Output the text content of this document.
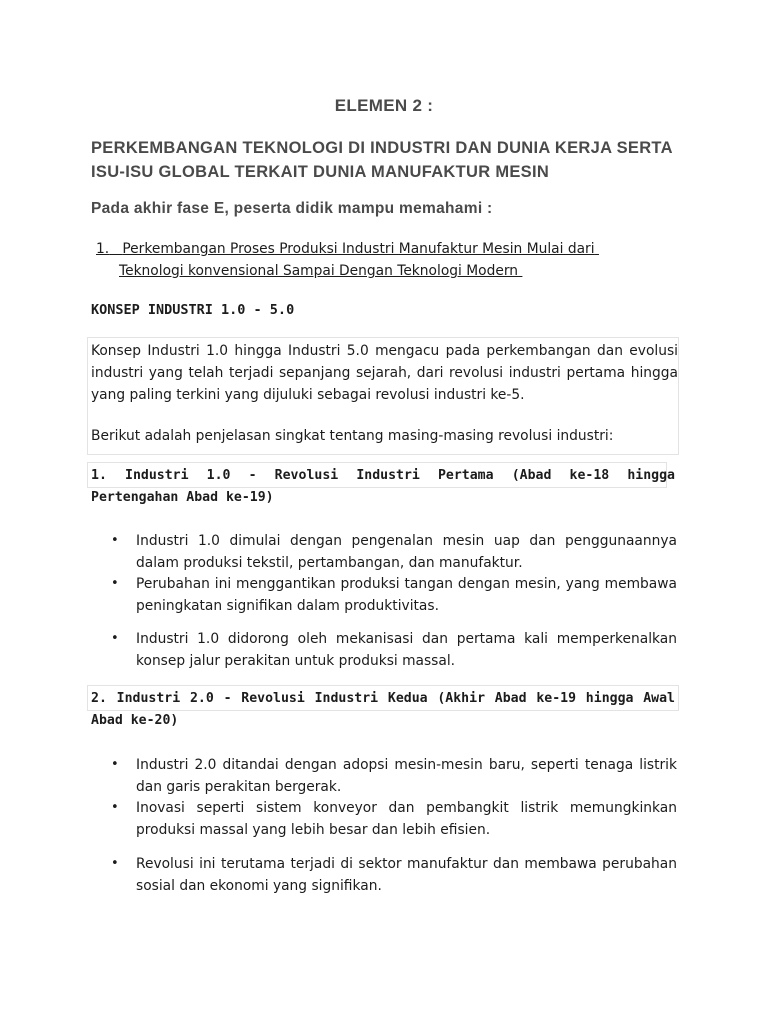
ELEMEN 2 :
PERKEMBANGAN TEKNOLOGI DI INDUSTRI DAN DUNIA KERJA SERTA ISU-ISU GLOBAL TERKAIT DUNIA MANUFAKTUR MESIN
Pada akhir fase E, peserta didik mampu memahami :
1. Perkembangan Proses Produksi Industri Manufaktur Mesin Mulai dari
Teknologi konvensional Sampai Dengan Teknologi Modern
KONSEP INDUSTRI 1.0 - 5.0
Konsep Industri 1.0 hingga Industri 5.0 mengacu pada perkembangan dan evolusi industri yang telah terjadi sepanjang sejarah, dari revolusi industri pertama hingga yang paling terkini yang dijuluki sebagai revolusi industri ke-5.
Berikut adalah penjelasan singkat tentang masing-masing revolusi industri:
1. Industri 1.0 - Revolusi Industri Pertama (Abad ke-18 hingga Pertengahan Abad ke-19)
•	Industri 1.0 dimulai dengan pengenalan mesin uap dan penggunaannya dalam produksi tekstil, pertambangan, dan manufaktur.
•	Perubahan ini menggantikan produksi tangan dengan mesin, yang membawa peningkatan signifikan dalam produktivitas.
•	Industri 1.0 didorong oleh mekanisasi dan pertama kali memperkenalkan konsep jalur perakitan untuk produksi massal.
2. Industri 2.0 - Revolusi Industri Kedua (Akhir Abad ke-19 hingga Awal Abad ke-20)
•	Industri 2.0 ditandai dengan adopsi mesin-mesin baru, seperti tenaga listrik dan garis perakitan bergerak.
•	Inovasi seperti sistem konveyor dan pembangkit listrik memungkinkan produksi massal yang lebih besar dan lebih efisien.
•	Revolusi ini terutama terjadi di sektor manufaktur dan membawa perubahan sosial dan ekonomi yang signifikan.
